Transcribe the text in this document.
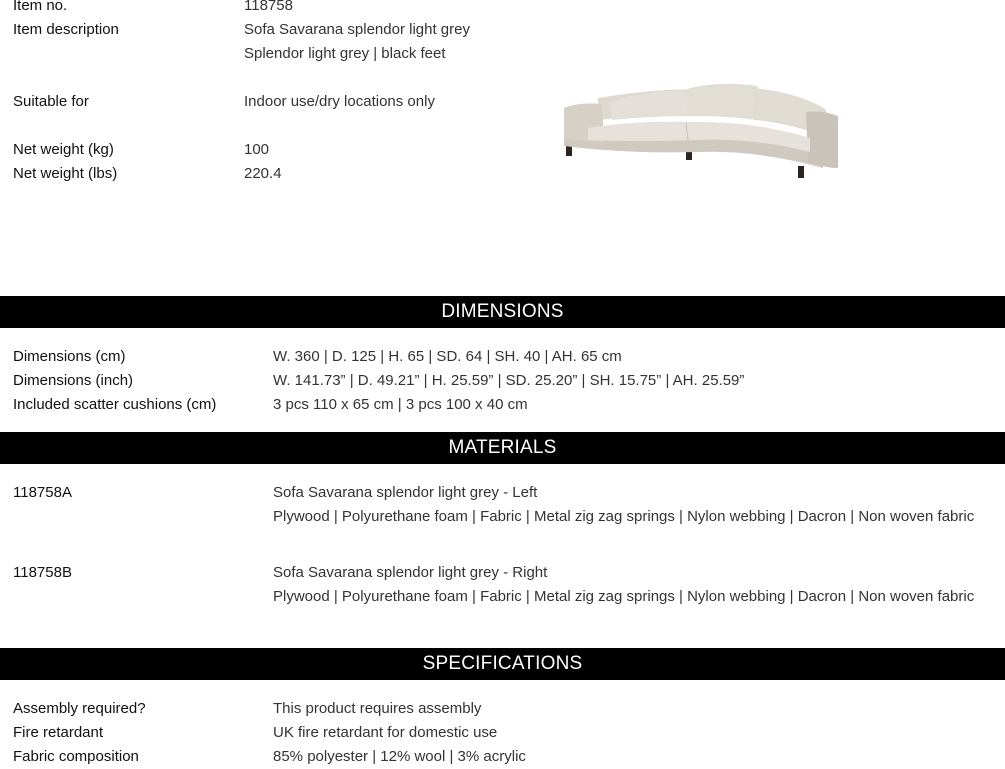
Item no.	118758
Item description	Sofa Savarana splendor light grey
Splendor light grey | black feet
Suitable for	Indoor use/dry locations only
Net weight (kg)	100
Net weight (lbs)	220.4
DIMENSIONS
Dimensions (cm)	W. 360 | D. 125 | H. 65 | SD. 64 | SH. 40 | AH. 65 cm
Dimensions (inch)	W. 141.73” | D. 49.21” | H. 25.59” | SD. 25.20” | SH. 15.75” | AH. 25.59”
Included scatter cushions (cm)	3 pcs 110 x 65 cm | 3 pcs 100 x 40 cm
MATERIALS
118758A	Sofa Savarana splendor light grey - Left
Plywood | Polyurethane foam | Fabric | Metal zig zag springs | Nylon webbing | Dacron | Non woven fabric
118758B	Sofa Savarana splendor light grey - Right
Plywood | Polyurethane foam | Fabric | Metal zig zag springs | Nylon webbing | Dacron | Non woven fabric
SPECIFICATIONS
Assembly required?	This product requires assembly
Fire retardant	UK fire retardant for domestic use
Fabric composition	85% polyester | 12% wool | 3% acrylic
